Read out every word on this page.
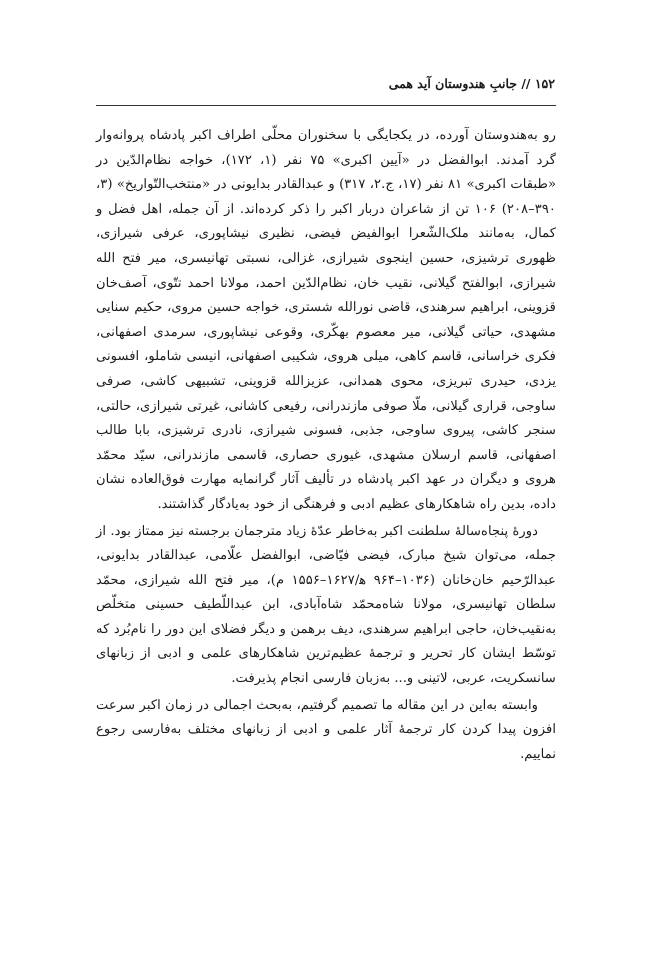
۱۵۲ // جانبِ هندوستان آید همی

رو به‌هندوستان آورده، در یکجایگی با سخنوران محلّی اطراف اکبر پادشاه پروانه‌وار گرد آمدند. ابوالفضل در «آیین اکبری» ۷۵ نفر (۱، ۱۷۲)، خواجه نظام‌الدّین در «طبقات اکبری» ۸۱ نفر (۱۷، ج.۲، ۳۱۷) و عبدالقادر بدایونی در «منتخب‌التّواریخ» (۳، ۳۹۰–۲۰۸) ۱۰۶ تن از شاعران دربار اکبر را ذکر کرده‌اند. از آن جمله، اهل فضل و کمال، به‌مانند ملک‌الشّعرا ابوالفیض فیضی، نظیری نیشاپوری، عرفی شیرازی، ظهوری ترشیزی، حسین اینجوی شیرازی، غزالی، نسبتی تهانیسری، میر فتح الله شیرازی، ابوالفتح گیلانی، نقیب خان، نظام‌الدّین احمد، مولانا احمد تتّوی، آصف‌خان قزوینی، ابراهیم سرهندی، قاضی نورالله شستری، خواجه حسین مروی، حکیم سنایی مشهدی، حیاتی گیلانی، میر معصوم بهکّری، وقوعی نیشاپوری، سرمدی اصفهانی، فکری خراسانی، قاسم کاهی، میلی هروی، شکیبی اصفهانی، انیسی شاملو، افسونی یزدی، حیدری تبریزی، محوی همدانی، عزیزالله قزوینی، تشبیهی کاشی، صرفی ساوجی، قراری گیلانی، ملّا صوفی مازندرانی، رفیعی کاشانی، غیرتی شیرازی، حالتی، سنجر کاشی، پیروی ساوجی، جذبی، فسونی شیرازی، نادری ترشیزی، بابا طالب اصفهانی، قاسم ارسلان مشهدی، غیوری حصاری، قاسمی مازندرانی، سیّد محمّد هروی و دیگران در عهد اکبر پادشاه در تألیف آثار گرانمایه مهارت فوق‌العاده نشان داده، بدین راه شاهکارهای عظیم ادبی و فرهنگی از خود به‌یادگار گذاشتند.

دورهٔ پنجاه‌سالهٔ سلطنت اکبر به‌خاطر عدّهٔ زیاد مترجمان برجسته نیز ممتاز بود. از جمله، می‌توان شیخ مبارک، فیضی فیّاضی، ابوالفضل علّامی، عبدالقادر بدایونی، عبدالرّحیم خان‌خانان (۱۰۳۶–۹۶۴ ه‍/۱۶۲۷–۱۵۵۶ م)، میر فتح الله شیرازی، محمّد سلطان تهانیسری، مولانا شاه‌محمّد شاه‌آبادی، ابن عبداللّطیف حسینی متخلّص به‌نقیب‌خان، حاجی ابراهیم سرهندی، دیف برهمن و دیگر فضلای این دور را نام‌بُرد که توسّط ایشان کار تحریر و ترجمهٔ عظیم‌ترین شاهکارهای علمی و ادبی از زبانهای سانسکریت، عربی، لاتینی و... به‌زبان فارسی انجام پذیرفت.

وابسته به‌این در این مقاله ما تصمیم گرفتیم، به‌بحث اجمالی در زمان اکبر سرعت افزون پیدا کردن کار ترجمهٔ آثار علمی و ادبی از زبانهای مختلف به‌فارسی رجوع نماییم.
